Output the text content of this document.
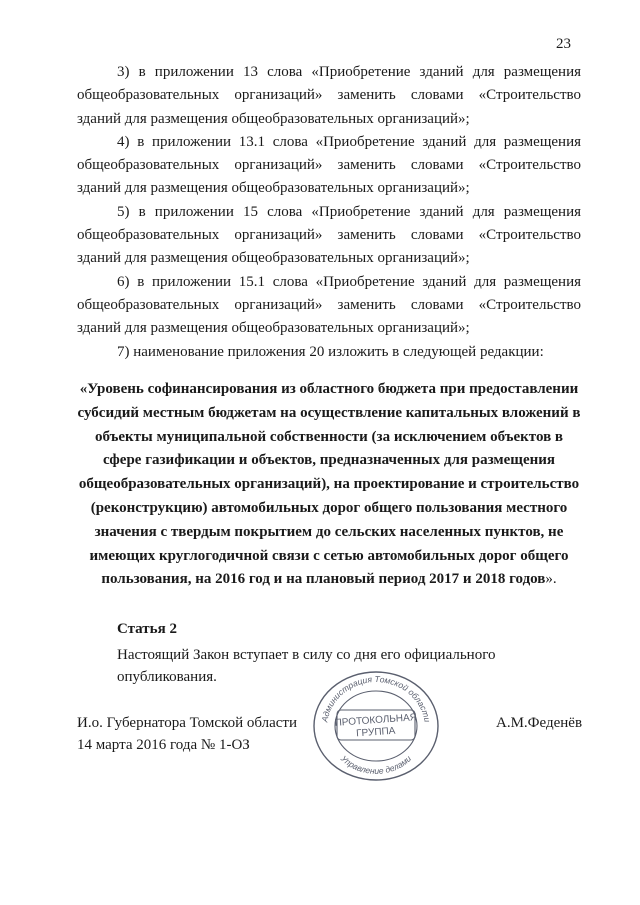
23

3) в приложении 13 слова «Приобретение зданий для размещения общеобразовательных организаций» заменить словами «Строительство зданий для размещения общеобразовательных организаций»;

4) в приложении 13.1 слова «Приобретение зданий для размещения общеобразовательных организаций» заменить словами «Строительство зданий для размещения общеобразовательных организаций»;

5) в приложении 15 слова «Приобретение зданий для размещения общеобразовательных организаций» заменить словами «Строительство зданий для размещения общеобразовательных организаций»;

6) в приложении 15.1 слова «Приобретение зданий для размещения общеобразовательных организаций» заменить словами «Строительство зданий для размещения общеобразовательных организаций»;

7) наименование приложения 20 изложить в следующей редакции:

«Уровень софинансирования из областного бюджета при предоставлении субсидий местным бюджетам на осуществление капитальных вложений в объекты муниципальной собственности (за исключением объектов в сфере газификации и объектов, предназначенных для размещения общеобразовательных организаций), на проектирование и строительство (реконструкцию) автомобильных дорог общего пользования местного значения с твердым покрытием до сельских населенных пунктов, не имеющих круглогодичной связи с сетью автомобильных дорог общего пользования, на 2016 год и на плановый период 2017 и 2018 годов».
Статья 2
Настоящий Закон вступает в силу со дня его официального опубликования.
И.о. Губернатора Томской области	А.М.Феденёв
14 марта 2016 года № 1-ОЗ
Администрация Томской области
Управление делами
ПРОТОКОЛЬНАЯ
ГРУППА
